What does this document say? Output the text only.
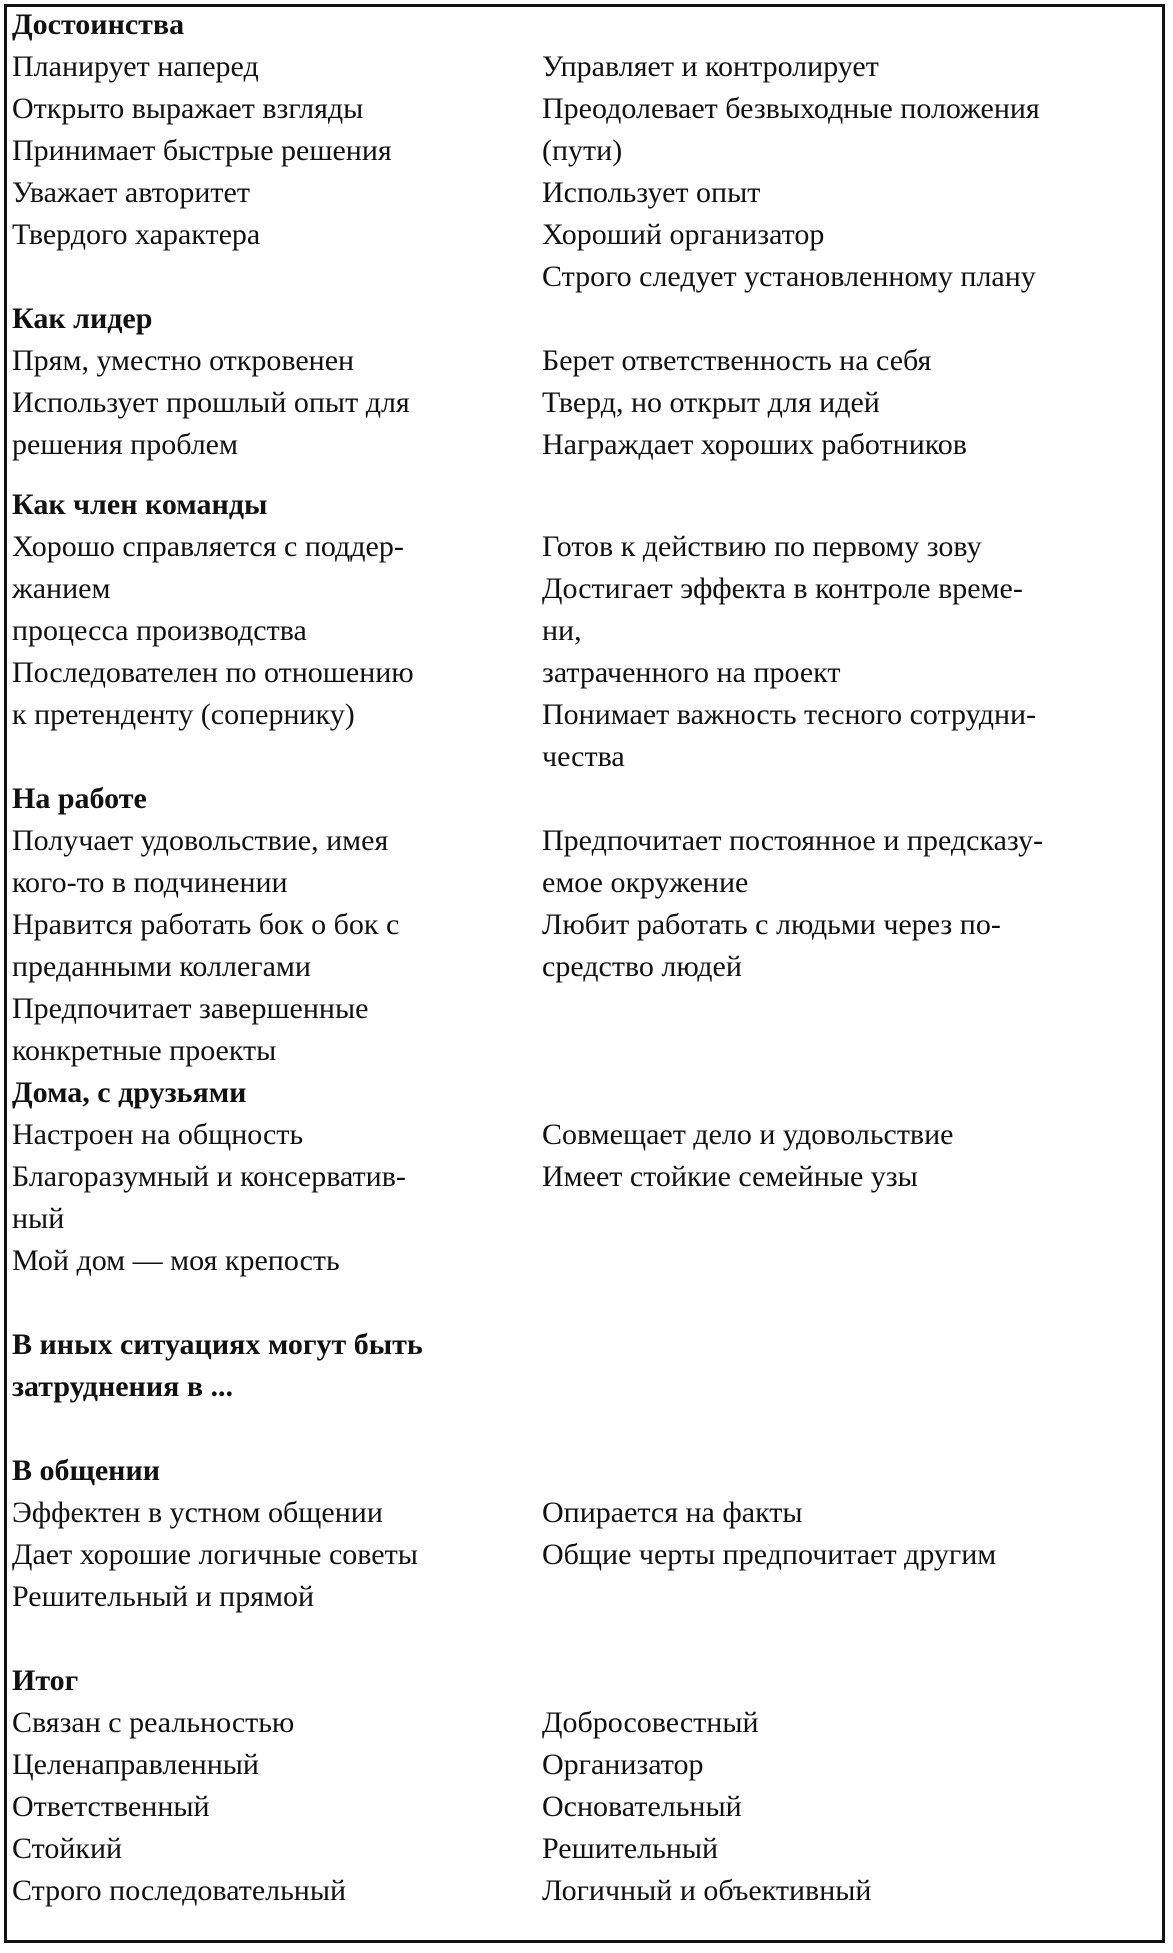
Достоинства
Планирует наперед
Открыто выражает взгляды
Принимает быстрые решения
Уважает авторитет
Твердого характера
Управляет и контролирует
Преодолевает безвыходные положения
(пути)
Использует опыт
Хороший организатор
Строго следует установленному плану
Как лидер
Прям, уместно откровенен
Использует прошлый опыт для
решения проблем
Берет ответственность на себя
Тверд, но открыт для идей
Награждает хороших работников
Как член команды
Хорошо справляется с поддер-
жанием
процесса производства
Последователен по отношению
к претенденту (сопернику)
Готов к действию по первому зову
Достигает эффекта в контроле време-
ни,
затраченного на проект
Понимает важность тесного сотрудни-
чества
На работе
Получает удовольствие, имея
кого-то в подчинении
Нравится работать бок о бок с
преданными коллегами
Предпочитает завершенные
конкретные проекты
Предпочитает постоянное и предсказу-
емое окружение
Любит работать с людьми через по-
средство людей
Дома, с друзьями
Настроен на общность
Благоразумный и консерватив-
ный
Мой дом — моя крепость
Совмещает дело и удовольствие
Имеет стойкие семейные узы
В иных ситуациях могут быть
затруднения в ...
В общении
Эффектен в устном общении
Дает хорошие логичные советы
Решительный и прямой
Опирается на факты
Общие черты предпочитает другим
Итог
Связан с реальностью
Целенаправленный
Ответственный
Стойкий
Строго последовательный
Добросовестный
Организатор
Основательный
Решительный
Логичный и объективный
